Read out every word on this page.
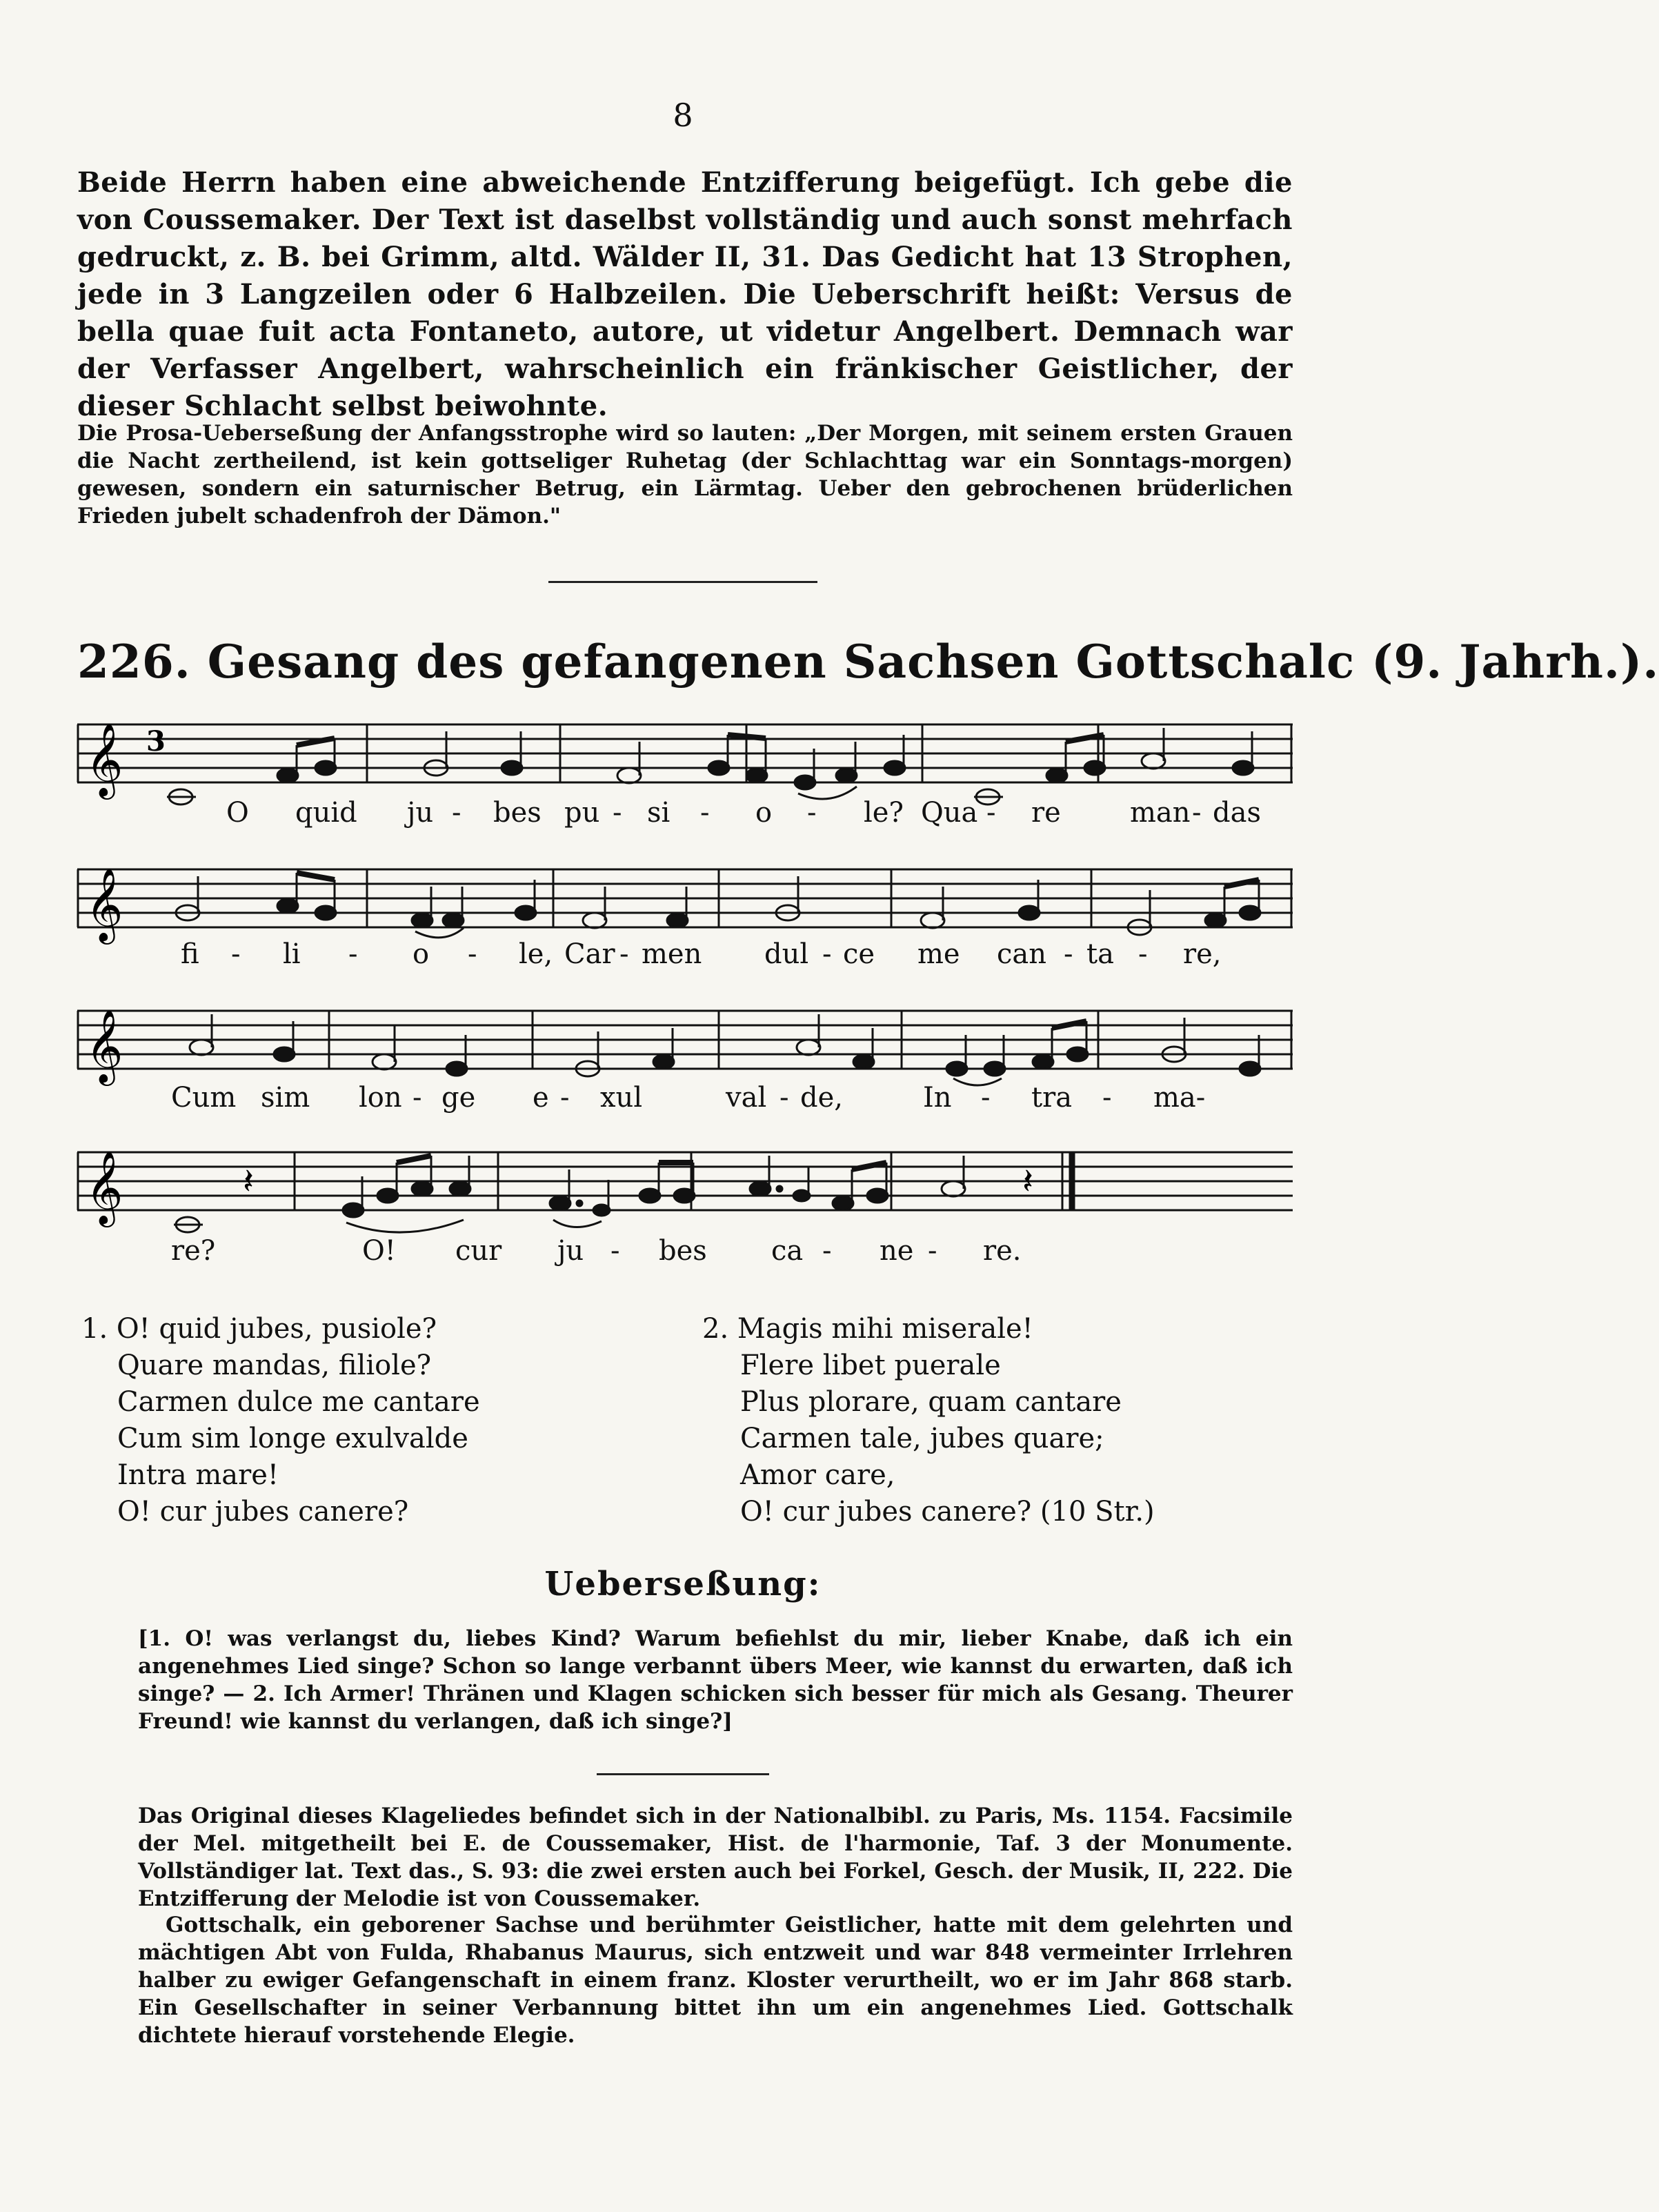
8
Beide Herrn haben eine abweichende Entzifferung beigefügt. Ich gebe die von Coussemaker. Der Text ist daselbst vollständig und auch sonst mehrfach gedruckt, z. B. bei Grimm, altd. Wälder II, 31. Das Gedicht hat 13 Strophen, jede in 3 Langzeilen oder 6 Halbzeilen. Die Ueberschrift heißt: Versus de bella quae fuit acta Fontaneto, autore, ut videtur Angelbert. Demnach war der Verfasser Angelbert, wahrscheinlich ein fränkischer Geistlicher, der dieser Schlacht selbst beiwohnte.
Die Prosa-Ueberseßung der Anfangsstrophe wird so lauten: „Der Morgen, mit seinem ersten Grauen die Nacht zertheilend, ist kein gottseliger Ruhetag (der Schlachttag war ein Sonntags-morgen) gewesen, sondern ein saturnischer Betrug, ein Lärmtag. Ueber den gebrochenen brüderlichen Frieden jubelt schadenfroh der Dämon."
226. Gesang des gefangenen Sachsen Gottschalc (9. Jahrh.).
𝄞 3
𝄞
𝄞
𝄞	𝄽	𝄽
O quid ju - bes pu - si - o - le? Qua - re	man - das
fi - li - o - le, Car - men dul - ce me can - ta - re,
Cum sim lon - ge e - xul	val - de,	In - tra - ma-
re?	O! cur ju - bes ca - ne - re.
1. O! quid jubes, pusiole?
Quare mandas, filiole?
Carmen dulce me cantare
Cum sim longe exulvalde
Intra mare!
O! cur jubes canere?
2. Magis mihi miserale!
Flere libet puerale
Plus plorare, quam cantare
Carmen tale, jubes quare;
Amor care,
O! cur jubes canere? (10 Str.)
Ueberseßung:
[1. O! was verlangst du, liebes Kind? Warum befiehlst du mir, lieber Knabe, daß ich ein angenehmes Lied singe? Schon so lange verbannt übers Meer, wie kannst du erwarten, daß ich singe? — 2. Ich Armer! Thränen und Klagen schicken sich besser für mich als Gesang. Theurer Freund! wie kannst du verlangen, daß ich singe?]
Das Original dieses Klageliedes befindet sich in der Nationalbibl. zu Paris, Ms. 1154. Facsimile der Mel. mitgetheilt bei E. de Coussemaker, Hist. de l'harmonie, Taf. 3 der Monumente. Vollständiger lat. Text das., S. 93: die zwei ersten auch bei Forkel, Gesch. der Musik, II, 222. Die Entzifferung der Melodie ist von Coussemaker.
Gottschalk, ein geborener Sachse und berühmter Geistlicher, hatte mit dem gelehrten und mächtigen Abt von Fulda, Rhabanus Maurus, sich entzweit und war 848 vermeinter Irrlehren halber zu ewiger Gefangenschaft in einem franz. Kloster verurtheilt, wo er im Jahr 868 starb. Ein Gesellschafter in seiner Verbannung bittet ihn um ein angenehmes Lied. Gottschalk dichtete hierauf vorstehende Elegie.
